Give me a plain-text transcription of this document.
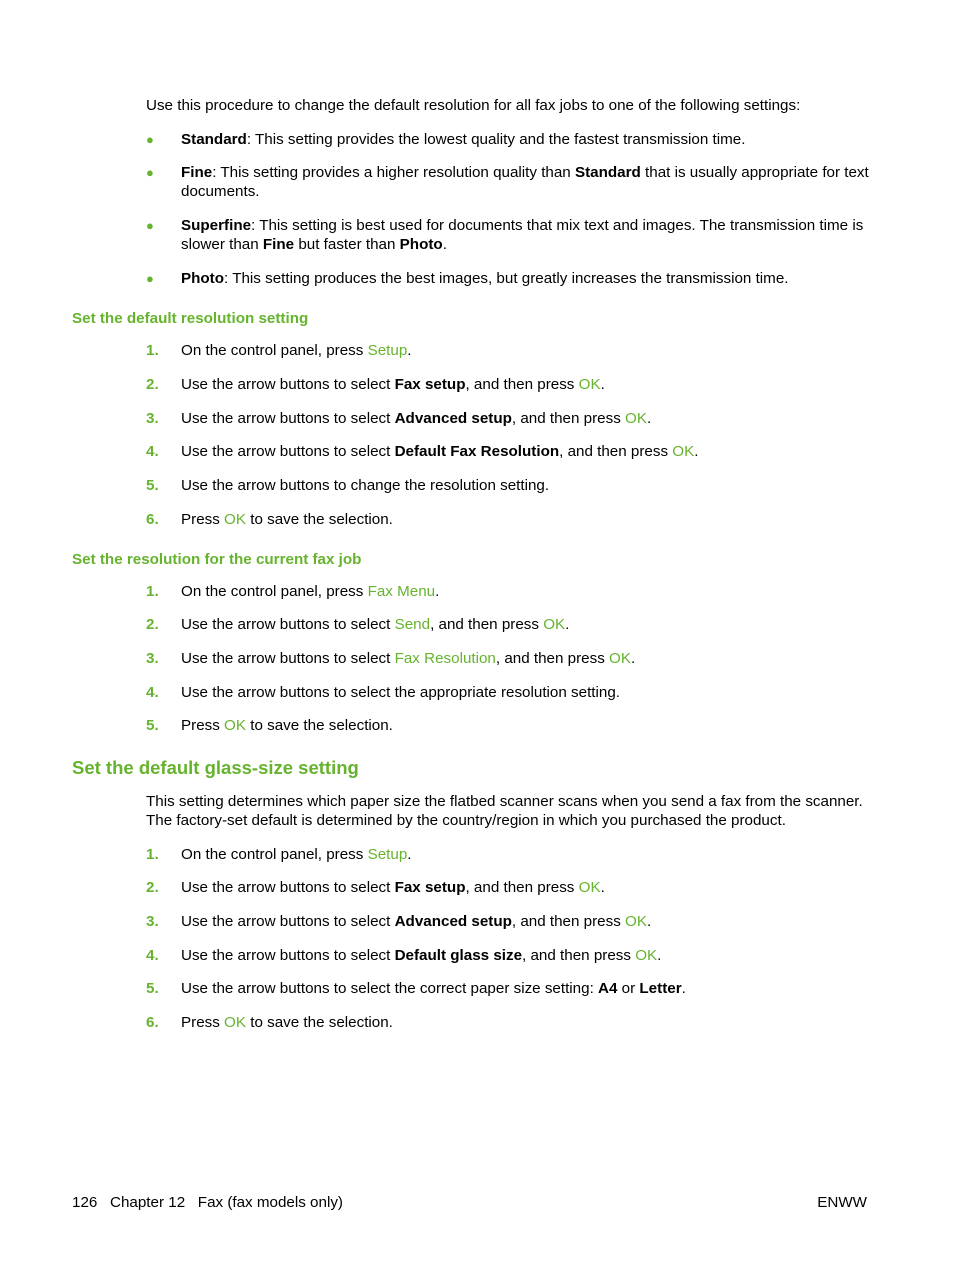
Use this procedure to change the default resolution for all fax jobs to one of the following settings:
● Standard: This setting provides the lowest quality and the fastest transmission time.
● Fine: This setting provides a higher resolution quality than Standard that is usually appropriate for text documents.
● Superfine: This setting is best used for documents that mix text and images. The transmission time is slower than Fine but faster than Photo.
● Photo: This setting produces the best images, but greatly increases the transmission time.
Set the default resolution setting
1. On the control panel, press Setup.
2. Use the arrow buttons to select Fax setup, and then press OK.
3. Use the arrow buttons to select Advanced setup, and then press OK.
4. Use the arrow buttons to select Default Fax Resolution, and then press OK.
5. Use the arrow buttons to change the resolution setting.
6. Press OK to save the selection.
Set the resolution for the current fax job
1. On the control panel, press Fax Menu.
2. Use the arrow buttons to select Send, and then press OK.
3. Use the arrow buttons to select Fax Resolution, and then press OK.
4. Use the arrow buttons to select the appropriate resolution setting.
5. Press OK to save the selection.
Set the default glass-size setting
This setting determines which paper size the flatbed scanner scans when you send a fax from the scanner. The factory-set default is determined by the country/region in which you purchased the product.
1. On the control panel, press Setup.
2. Use the arrow buttons to select Fax setup, and then press OK.
3. Use the arrow buttons to select Advanced setup, and then press OK.
4. Use the arrow buttons to select Default glass size, and then press OK.
5. Use the arrow buttons to select the correct paper size setting: A4 or Letter.
6. Press OK to save the selection.
126   Chapter 12   Fax (fax models only)	ENWW
